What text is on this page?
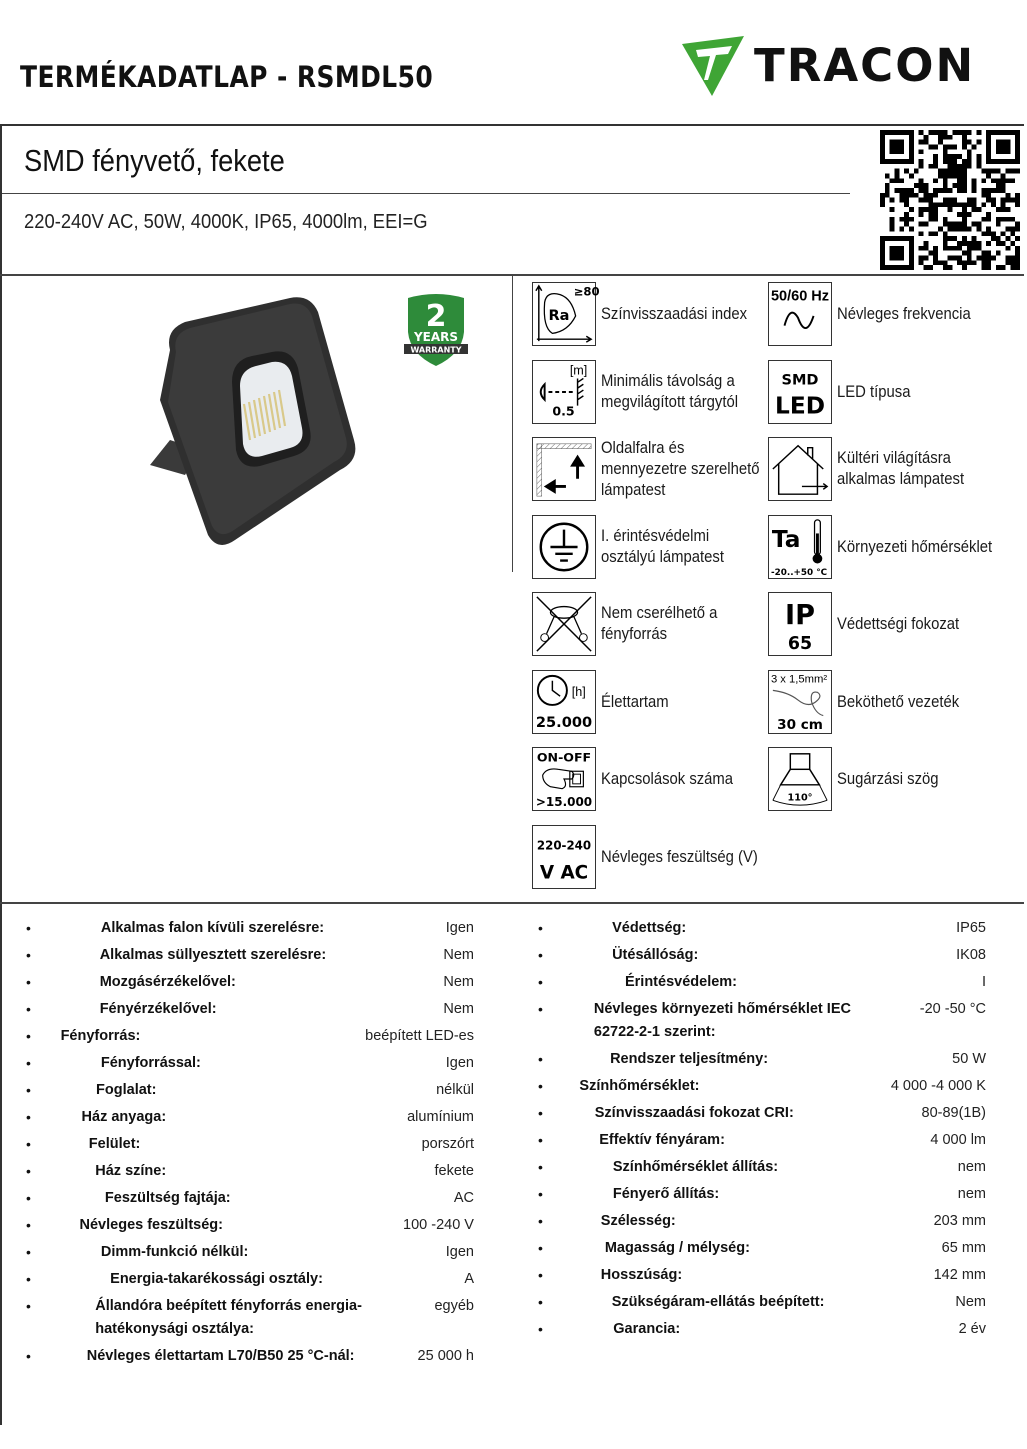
TERMÉKADATLAP - RSMDL50	TRACON
SMD fényvető, fekete
220-240V AC, 50W, 4000K, IP65, 4000lm, EEI=G
2
YEARS
WARRANTY
≥80
Ra Színvisszaadási index
50/60 Hz
Névleges frekvencia
[m]
0.5
Minimális távolság a
megvilágított tárgytól
SMD
LED
LED típusa
Oldalfalra és
mennyezetre szerelhető
lámpatest
Kültéri világításra
alkalmas lámpatest
I. érintésvédelmi
osztályú lámpatest
Ta
-20..+50 °C
Környezeti hőmérséklet
Nem cserélhető a
fényforrás
IP
65
Védettségi fokozat
[h]
25.000
Élettartam
3 x 1,5mm²
30 cm
Beköthető vezeték
ON-OFF
>15.000
Kapcsolások száma
110°
Sugárzási szög
220-240
V AC
Névleges feszültség (V)
•	Alkalmas falon kívüli szerelésre:	Igen
•	Alkalmas süllyesztett szerelésre:	Nem
•	Mozgásérzékelővel:	Nem
•	Fényérzékelővel:	Nem
•	Fényforrás:	beépített LED-es
•	Fényforrással:	Igen
•	Foglalat:	nélkül
•	Ház anyaga:	alumínium
•	Felület:	porszórt
•	Ház színe:	fekete
•	Feszültség fajtája:	AC
•	Névleges feszültség:	100 -240 V
•	Dimm-funkció nélkül:	Igen
•	Energia-takarékossági osztály:	A
•	Állandóra beépített fényforrás energia-hatékonysági osztálya:
egyéb
•	Névleges élettartam L70/B50 25 °C-nál:	25 000 h
•	Védettség:	IP65
•	Ütésállóság:	IK08
•	Érintésvédelem:	I
•	Névleges környezeti hőmérséklet IEC 62722-2-1 szerint:
-20 -50 °C
•	Rendszer teljesítmény:	50 W
•	Színhőmérséklet:	4 000 -4 000 K
•	Színvisszaadási fokozat CRI:	80-89(1B)
•	Effektív fényáram:	4 000 lm
•	Színhőmérséklet állítás:	nem
•	Fényerő állítás:	nem
•	Szélesség:	203 mm
•	Magasság / mélység:	65 mm
•	Hosszúság:	142 mm
•	Szükségáram-ellátás beépített:	Nem
•	Garancia:	2 év
